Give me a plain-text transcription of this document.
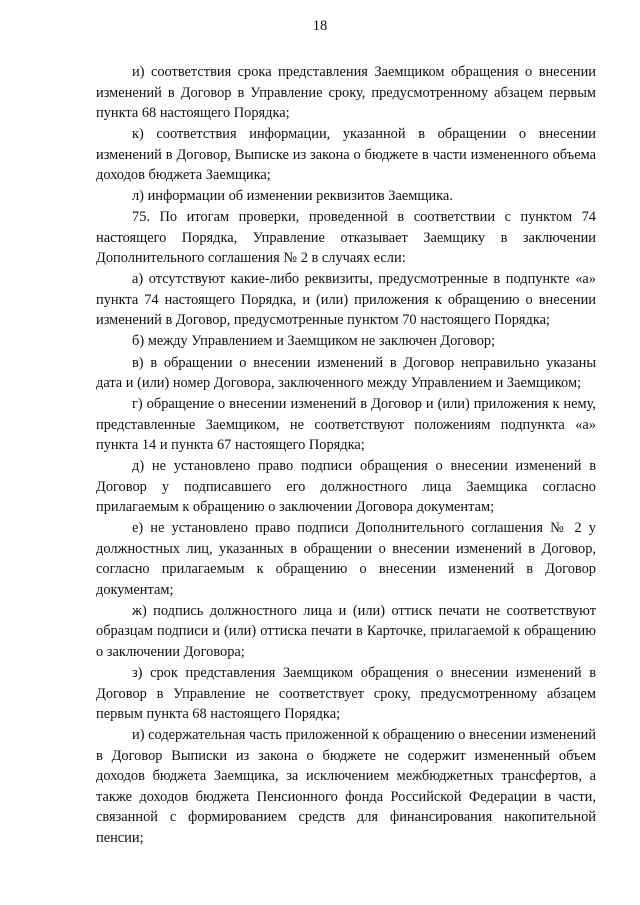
18

и) соответствия срока представления Заемщиком обращения о внесении изменений в Договор в Управление сроку, предусмотренному абзацем первым пункта 68 настоящего Порядка;

к) соответствия информации, указанной в обращении о внесении изменений в Договор, Выписке из закона о бюджете в части измененного объема доходов бюджета Заемщика;

л) информации об изменении реквизитов Заемщика.

75. По итогам проверки, проведенной в соответствии с пунктом 74 настоящего Порядка, Управление отказывает Заемщику в заключении Дополнительного соглашения № 2 в случаях если:

а) отсутствуют какие-либо реквизиты, предусмотренные в подпункте «а» пункта 74 настоящего Порядка, и (или) приложения к обращению о внесении изменений в Договор, предусмотренные пунктом 70 настоящего Порядка;

б) между Управлением и Заемщиком не заключен Договор;

в) в обращении о внесении изменений в Договор неправильно указаны дата и (или) номер Договора, заключенного между Управлением и Заемщиком;

г) обращение о внесении изменений в Договор и (или) приложения к нему, представленные Заемщиком, не соответствуют положениям подпункта «а» пункта 14 и пункта 67 настоящего Порядка;

д) не установлено право подписи обращения о внесении изменений в Договор у подписавшего его должностного лица Заемщика согласно прилагаемым к обращению о заключении Договора документам;

е) не установлено право подписи Дополнительного соглашения № 2 у должностных лиц, указанных в обращении о внесении изменений в Договор, согласно прилагаемым к обращению о внесении изменений в Договор документам;

ж) подпись должностного лица и (или) оттиск печати не соответствуют образцам подписи и (или) оттиска печати в Карточке, прилагаемой к обращению о заключении Договора;

з) срок представления Заемщиком обращения о внесении изменений в Договор в Управление не соответствует сроку, предусмотренному абзацем первым пункта 68 настоящего Порядка;

и) содержательная часть приложенной к обращению о внесении изменений в Договор Выписки из закона о бюджете не содержит измененный объем доходов бюджета Заемщика, за исключением межбюджетных трансфертов, а также доходов бюджета Пенсионного фонда Российской Федерации в части, связанной с формированием средств для финансирования накопительной пенсии;
